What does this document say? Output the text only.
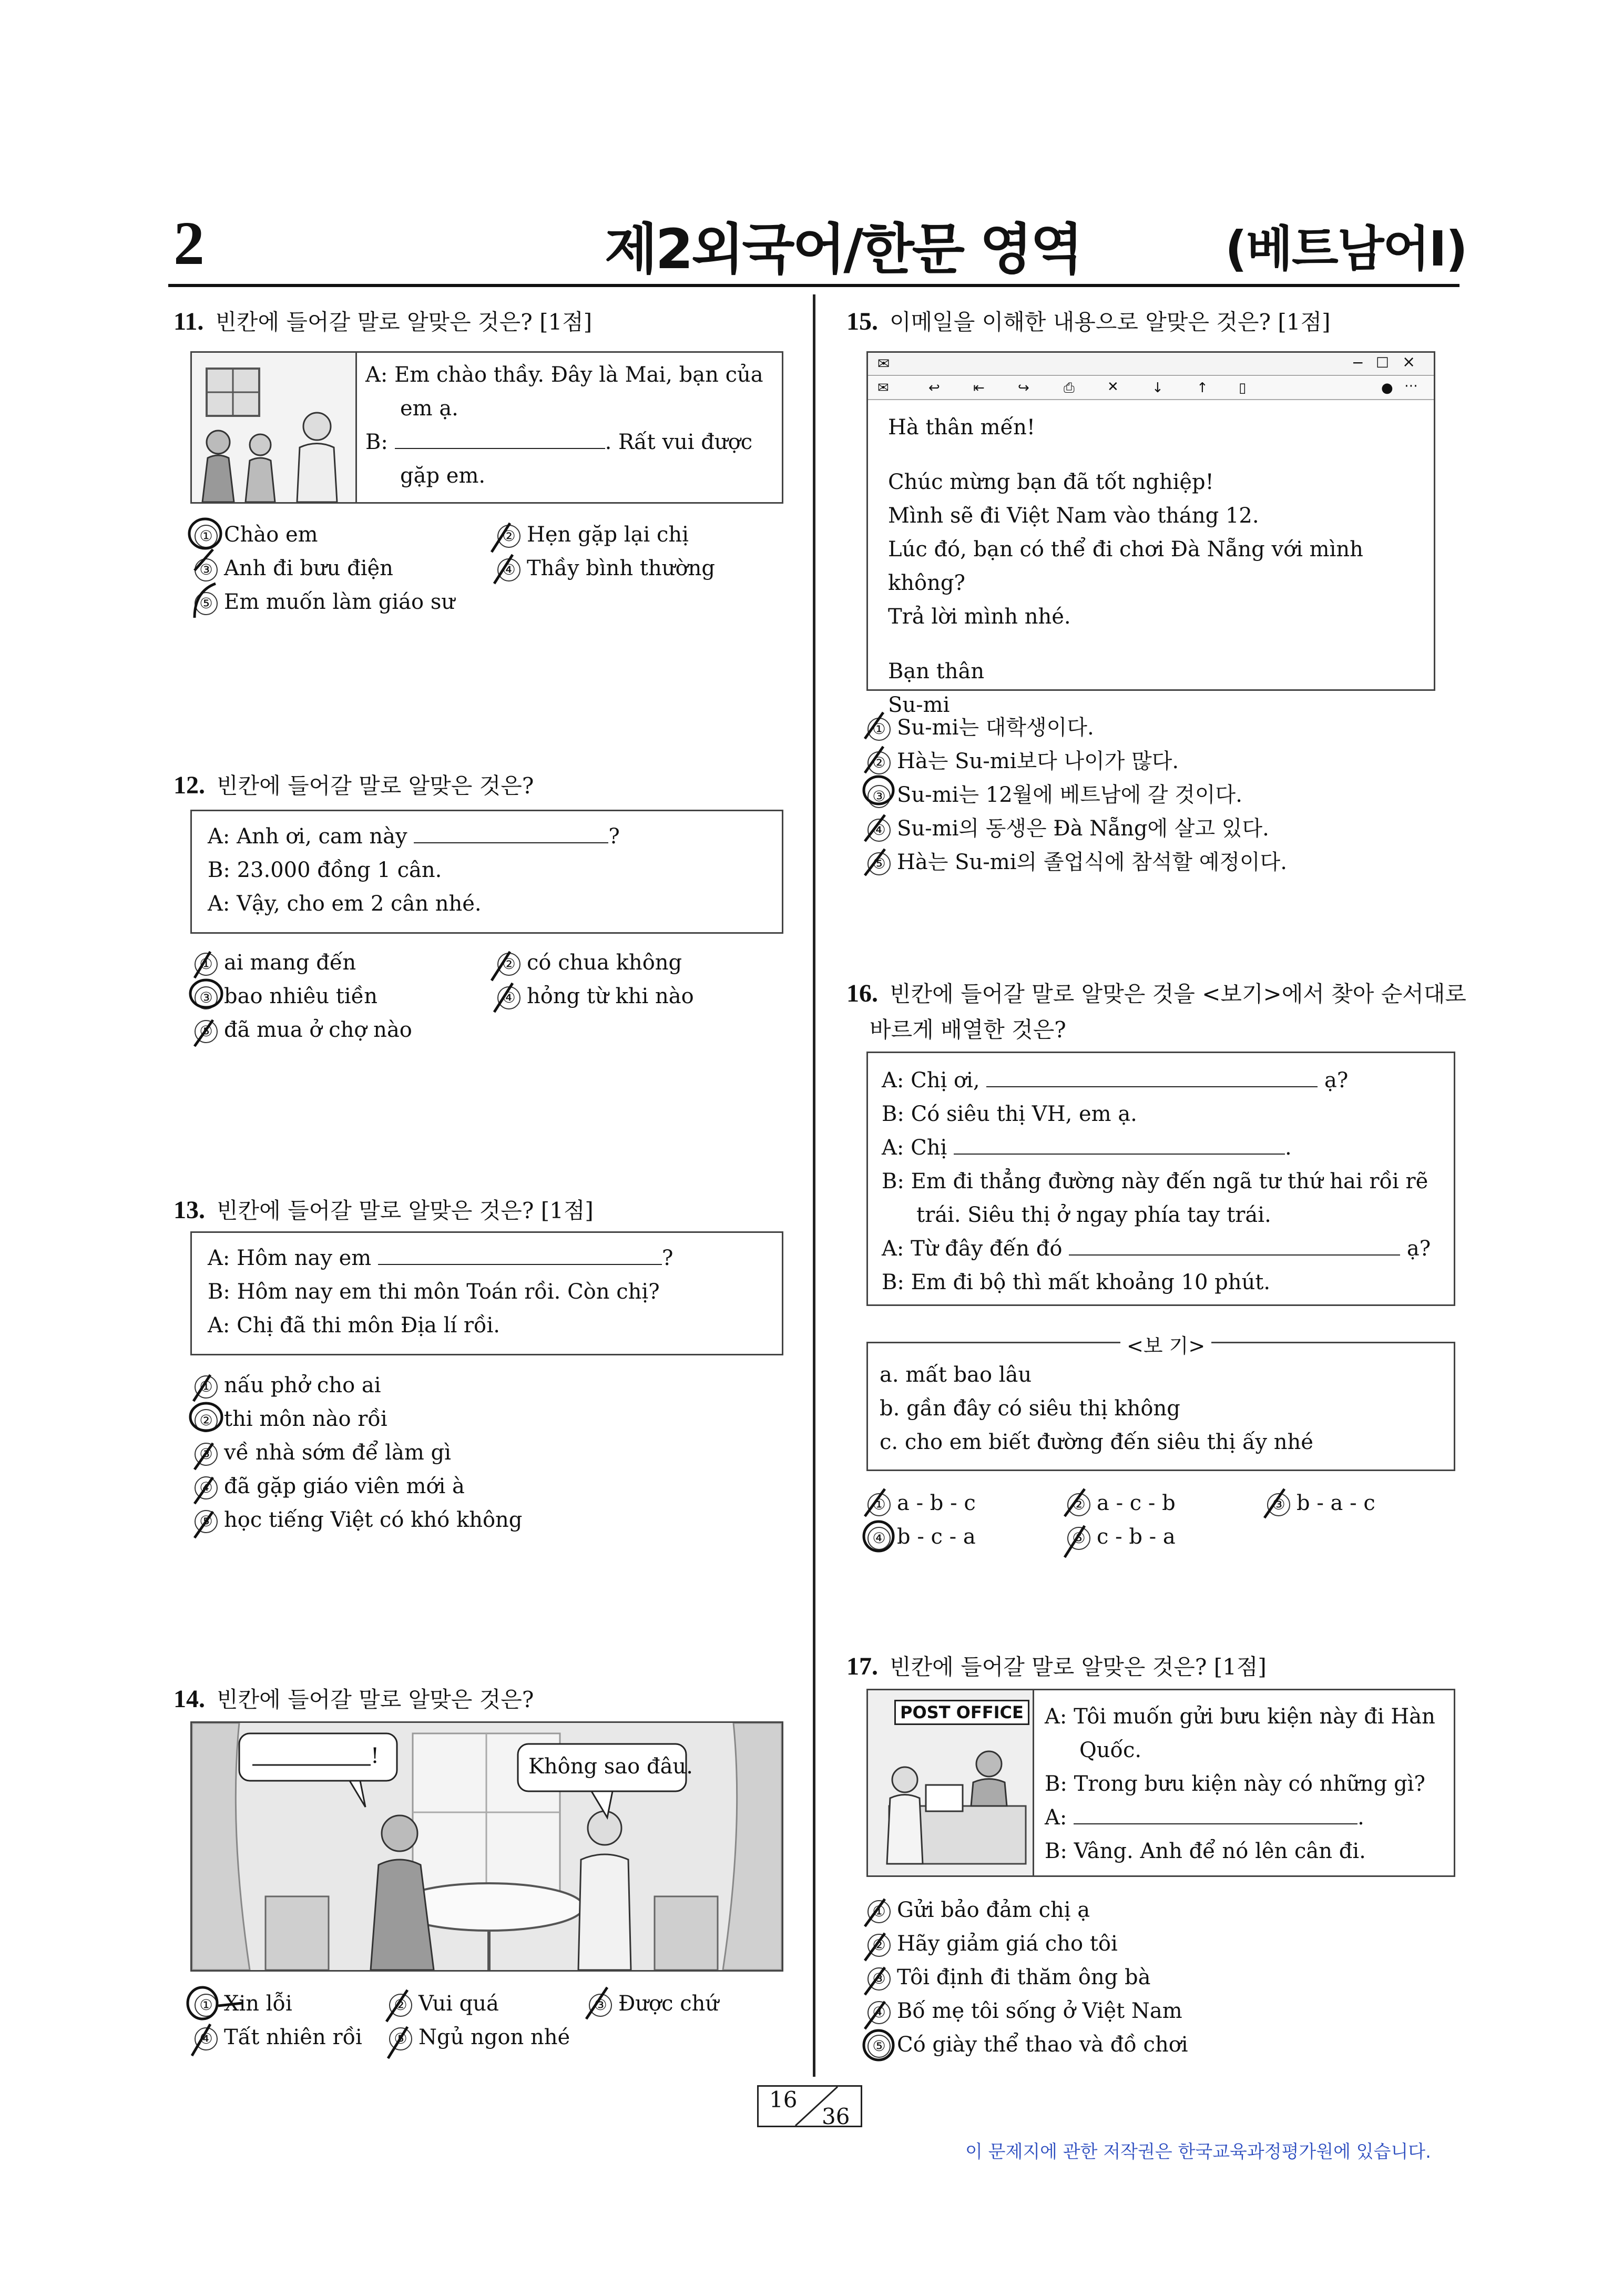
2	제2외국어/한문 영역	(베트남어Ⅰ)
11. 빈칸에 들어갈 말로 알맞은 것은? [1점]
A: Em chào thầy. Đây là Mai, bạn của
em ạ.
B:	. Rất vui được
gặp em.
① Chào em	② Hẹn gặp lại chị
③ Anh đi bưu điện	④ Thầy bình thường
⑤ Em muốn làm giáo sư
12. 빈칸에 들어갈 말로 알맞은 것은?
A: Anh ơi, cam này	?
B: 23.000 đồng 1 cân.
A: Vậy, cho em 2 cân nhé.
① ai mang đến	② có chua không
③ bao nhiêu tiền	④ hỏng từ khi nào
⑤ đã mua ở chợ nào
13. 빈칸에 들어갈 말로 알맞은 것은? [1점]
A: Hôm nay em	?
B: Hôm nay em thi môn Toán rồi. Còn chị?
A: Chị đã thi môn Địa lí rồi.
① nấu phở cho ai
② thi môn nào rồi
③ về nhà sớm để làm gì
④ đã gặp giáo viên mới à
⑤ học tiếng Việt có khó không
14. 빈칸에 들어갈 말로 알맞은 것은?
!	Không sao đâu.
① Xin lỗi	② Vui quá	③ Được chứ
④ Tất nhiên rồi	⑤ Ngủ ngon nhé
15. 이메일을 이해한 내용으로 알맞은 것은? [1점]
✉	− □ ×
✉	↩ ⇤ ↪	⎙ ✕ ↓ ↑ ▯	● ⋯
Hà thân mến!
Chúc mừng bạn đã tốt nghiệp!
Mình sẽ đi Việt Nam vào tháng 12.
Lúc đó, bạn có thể đi chơi Đà Nẵng với mình không?
Trả lời mình nhé.
Bạn thân
Su-mi
① Su-mi는 대학생이다.
② Hà는 Su-mi보다 나이가 많다.
③ Su-mi는 12월에 베트남에 갈 것이다.
④ Su-mi의 동생은 Đà Nẵng에 살고 있다.
⑤ Hà는 Su-mi의 졸업식에 참석할 예정이다.
16. 빈칸에 들어갈 말로 알맞은 것을 <보기>에서 찾아 순서대로
바르게 배열한 것은?
A: Chị ơi,	ạ?
B: Có siêu thị VH, em ạ.
A: Chị	.
B: Em đi thẳng đường này đến ngã tư thứ hai rồi rẽ
trái. Siêu thị ở ngay phía tay trái.
A: Từ đây đến đó	ạ?
B: Em đi bộ thì mất khoảng 10 phút.
<보 기>
a. mất bao lâu
b. gần đây có siêu thị không
c. cho em biết đường đến siêu thị ấy nhé
① a - b - c	② a - c - b	③ b - a - c
④ b - c - a	⑤ c - b - a
17. 빈칸에 들어갈 말로 알맞은 것은? [1점]
POST OFFICE A: Tôi muốn gửi bưu kiện này đi Hàn
Quốc.
B: Trong bưu kiện này có những gì?
A:	.
B: Vâng. Anh để nó lên cân đi.
① Gửi bảo đảm chị ạ
② Hãy giảm giá cho tôi
③ Tôi định đi thăm ông bà
④ Bố mẹ tôi sống ở Việt Nam
⑤ Có giày thể thao và đồ chơi
16
36
이 문제지에 관한 저작권은 한국교육과정평가원에 있습니다.
